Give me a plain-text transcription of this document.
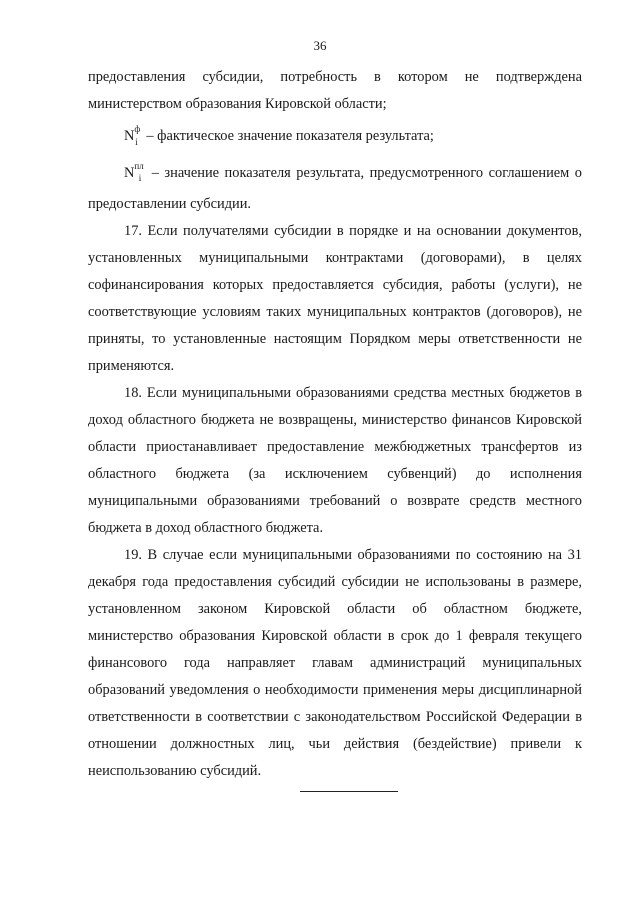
36

предоставления субсидии, потребность в котором не подтверждена министерством образования Кировской области;

$N^ф_i$ – фактическое значение показателя результата;

$N^{пл}_i$ – значение показателя результата, предусмотренного соглашением о предоставлении субсидии.

17. Если получателями субсидии в порядке и на основании документов, установленных муниципальными контрактами (договорами), в целях софинансирования которых предоставляется субсидия, работы (услуги), не соответствующие условиям таких муниципальных контрактов (договоров), не приняты, то установленные настоящим Порядком меры ответственности не применяются.

18. Если муниципальными образованиями средства местных бюджетов в доход областного бюджета не возвращены, министерство финансов Кировской области приостанавливает предоставление межбюджетных трансфертов из областного бюджета (за исключением субвенций) до исполнения муниципальными образованиями требований о возврате средств местного бюджета в доход областного бюджета.

19. В случае если муниципальными образованиями по состоянию на 31 декабря года предоставления субсидий субсидии не использованы в размере, установленном законом Кировской области об областном бюджете, министерство образования Кировской области в срок до 1 февраля текущего финансового года направляет главам администраций муниципальных образований уведомления о необходимости применения меры дисциплинарной ответственности в соответствии с законодательством Российской Федерации в отношении должностных лиц, чьи действия (бездействие) привели к неиспользованию субсидий.
